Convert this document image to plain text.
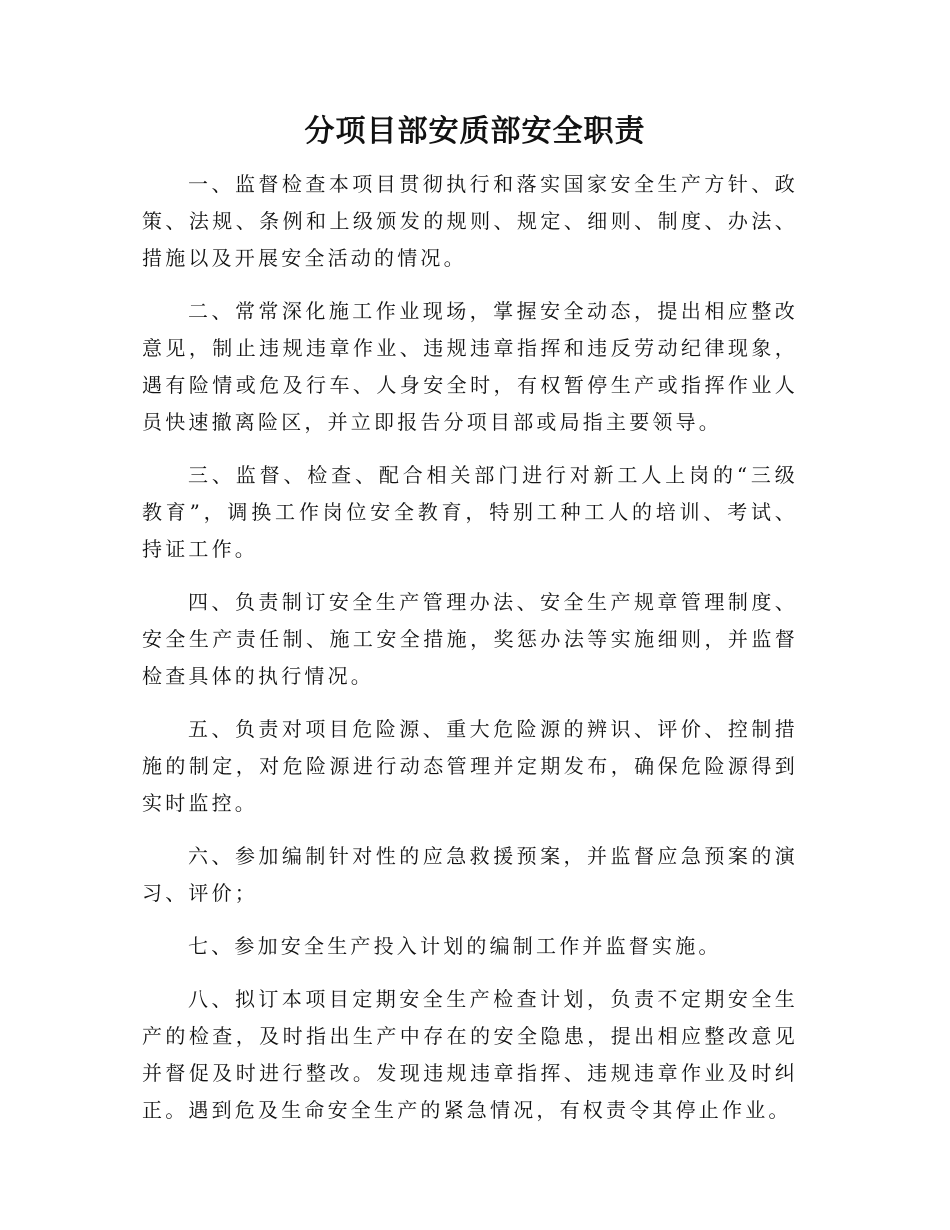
分项目部安质部安全职责

一、监督检查本项目贯彻执行和落实国家安全生产方针、政策、法规、条例和上级颁发的规则、规定、细则、制度、办法、措施以及开展安全活动的情况。

二、常常深化施工作业现场，掌握安全动态，提出相应整改意见，制止违规违章作业、违规违章指挥和违反劳动纪律现象，遇有险情或危及行车、人身安全时，有权暂停生产或指挥作业人员快速撤离险区，并立即报告分项目部或局指主要领导。

三、监督、检查、配合相关部门进行对新工人上岗的“三级教育”，调换工作岗位安全教育，特别工种工人的培训、考试、持证工作。

四、负责制订安全生产管理办法、安全生产规章管理制度、安全生产责任制、施工安全措施，奖惩办法等实施细则，并监督检查具体的执行情况。

五、负责对项目危险源、重大危险源的辨识、评价、控制措施的制定，对危险源进行动态管理并定期发布，确保危险源得到实时监控。

六、参加编制针对性的应急救援预案，并监督应急预案的演习、评价；

七、参加安全生产投入计划的编制工作并监督实施。

八、拟订本项目定期安全生产检查计划，负责不定期安全生产的检查，及时指出生产中存在的安全隐患，提出相应整改意见并督促及时进行整改。发现违规违章指挥、违规违章作业及时纠正。遇到危及生命安全生产的紧急情况，有权责令其停止作业。
